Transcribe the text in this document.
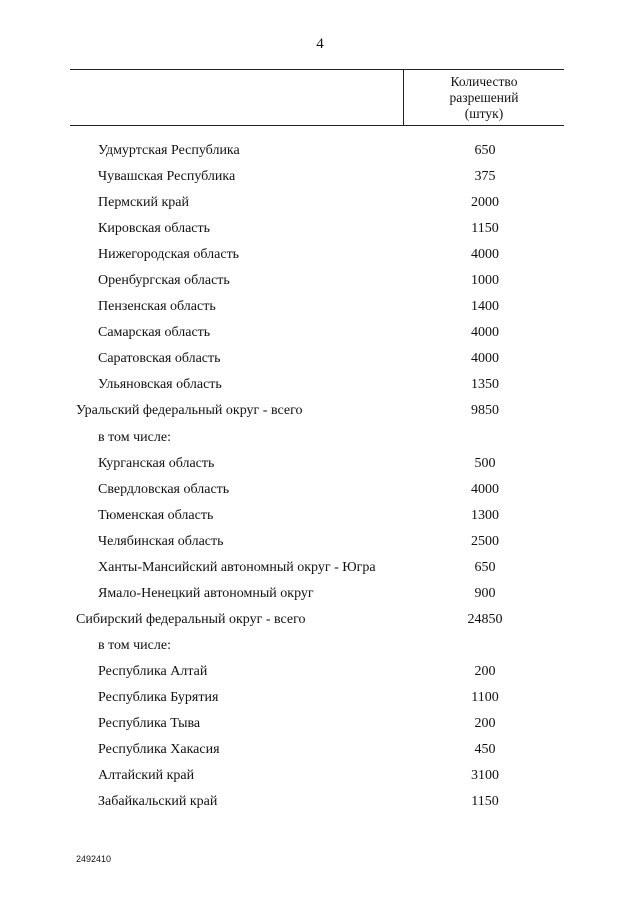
4
Количество
разрешений
(штук)
Удмуртская Республика	650
Чувашская Республика	375
Пермский край	2000
Кировская область	1150
Нижегородская область	4000
Оренбургская область	1000
Пензенская область	1400
Самарская область	4000
Саратовская область	4000
Ульяновская область	1350
Уральский федеральный округ - всего	9850
в том числе:
Курганская область	500
Свердловская область	4000
Тюменская область	1300
Челябинская область	2500
Ханты-Мансийский автономный округ - Югра	650
Ямало-Ненецкий автономный округ	900
Сибирский федеральный округ - всего	24850
в том числе:
Республика Алтай	200
Республика Бурятия	1100
Республика Тыва	200
Республика Хакасия	450
Алтайский край	3100
Забайкальский край	1150
2492410
